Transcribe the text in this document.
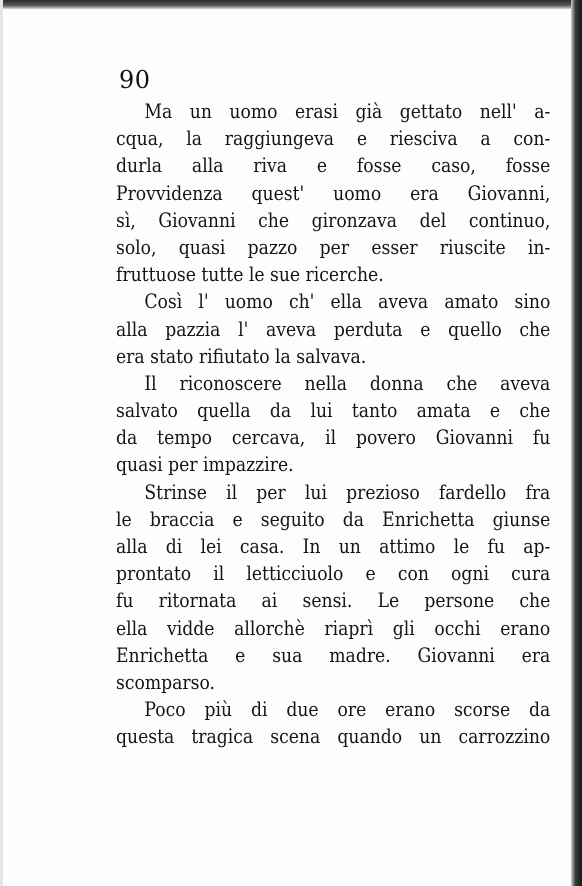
90
Ma un uomo erasi già gettato nell' a-
cqua, la raggiungeva e riesciva a con-
durla alla riva e fosse caso, fosse
Provvidenza quest' uomo era Giovanni,
sì, Giovanni che gironzava del continuo,
solo, quasi pazzo per esser riuscite in-
fruttuose tutte le sue ricerche.
Così l' uomo ch' ella aveva amato sino
alla pazzia l' aveva perduta e quello che
era stato rifiutato la salvava.
Il riconoscere nella donna che aveva
salvato quella da lui tanto amata e che
da tempo cercava, il povero Giovanni fu
quasi per impazzire.
Strinse il per lui prezioso fardello fra
le braccia e seguito da Enrichetta giunse
alla di lei casa. In un attimo le fu ap-
prontato il letticciuolo e con ogni cura
fu ritornata ai sensi. Le persone che
ella vidde allorchè riaprì gli occhi erano
Enrichetta e sua madre. Giovanni era
scomparso.
Poco più di due ore erano scorse da
questa tragica scena quando un carrozzino
